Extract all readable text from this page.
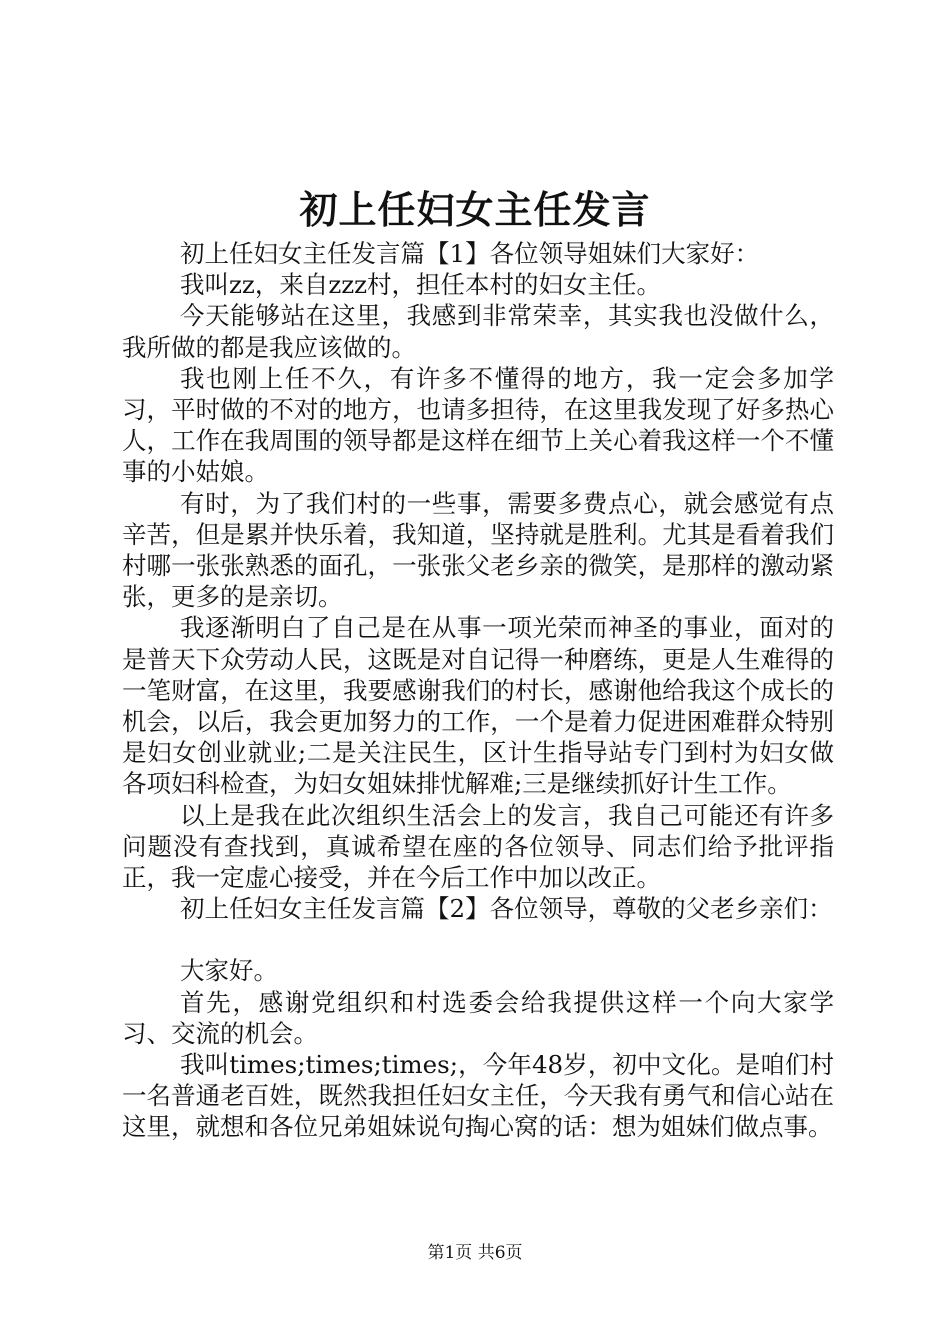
初上任妇女主任发言

初上任妇女主任发言篇【1】各位领导姐妹们大家好：

我叫zz，来自zzz村，担任本村的妇女主任。

今天能够站在这里，我感到非常荣幸，其实我也没做什么，我所做的都是我应该做的。

我也刚上任不久，有许多不懂得的地方，我一定会多加学习，平时做的不对的地方，也请多担待，在这里我发现了好多热心人，工作在我周围的领导都是这样在细节上关心着我这样一个不懂事的小姑娘。

有时，为了我们村的一些事，需要多费点心，就会感觉有点辛苦，但是累并快乐着，我知道，坚持就是胜利。尤其是看着我们村哪一张张熟悉的面孔，一张张父老乡亲的微笑，是那样的激动紧张，更多的是亲切。

我逐渐明白了自己是在从事一项光荣而神圣的事业，面对的是普天下众劳动人民，这既是对自记得一种磨练，更是人生难得的一笔财富，在这里，我要感谢我们的村长，感谢他给我这个成长的机会，以后，我会更加努力的工作，一个是着力促进困难群众特别是妇女创业就业;二是关注民生，区计生指导站专门到村为妇女做各项妇科检查，为妇女姐妹排忧解难;三是继续抓好计生工作。

以上是我在此次组织生活会上的发言，我自己可能还有许多问题没有查找到，真诚希望在座的各位领导、同志们给予批评指正，我一定虚心接受，并在今后工作中加以改正。

初上任妇女主任发言篇【2】各位领导，尊敬的父老乡亲们：

大家好。

首先，感谢党组织和村选委会给我提供这样一个向大家学习、交流的机会。

我叫times;times;times;，今年48岁，初中文化。是咱们村一名普通老百姓，既然我担任妇女主任，今天我有勇气和信心站在这里，就想和各位兄弟姐妹说句掏心窝的话：想为姐妹们做点事。

第1页 共6页
